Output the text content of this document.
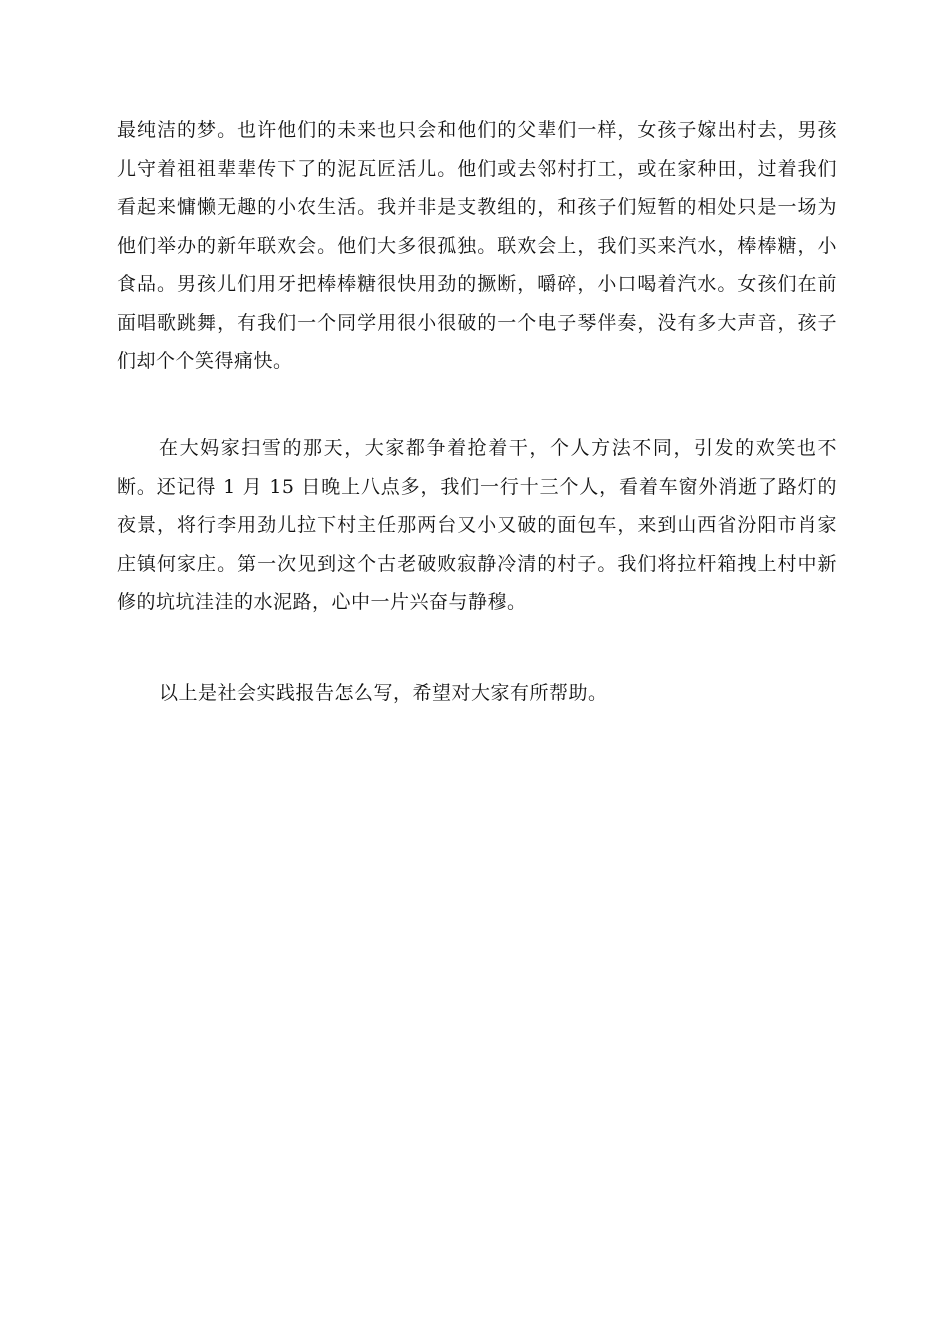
最纯洁的梦。也许他们的未来也只会和他们的父辈们一样，女孩子嫁出村去，男孩儿守着祖祖辈辈传下了的泥瓦匠活儿。他们或去邻村打工，或在家种田，过着我们看起来慵懒无趣的小农生活。我并非是支教组的，和孩子们短暂的相处只是一场为他们举办的新年联欢会。他们大多很孤独。联欢会上，我们买来汽水，棒棒糖，小食品。男孩儿们用牙把棒棒糖很快用劲的撅断，嚼碎，小口喝着汽水。女孩们在前面唱歌跳舞，有我们一个同学用很小很破的一个电子琴伴奏，没有多大声音，孩子们却个个笑得痛快。

在大妈家扫雪的那天，大家都争着抢着干，个人方法不同，引发的欢笑也不断。还记得 1 月 15 日晚上八点多，我们一行十三个人，看着车窗外消逝了路灯的夜景，将行李用劲儿拉下村主任那两台又小又破的面包车，来到山西省汾阳市肖家庄镇何家庄。第一次见到这个古老破败寂静冷清的村子。我们将拉杆箱拽上村中新修的坑坑洼洼的水泥路，心中一片兴奋与静穆。

以上是社会实践报告怎么写，希望对大家有所帮助。
